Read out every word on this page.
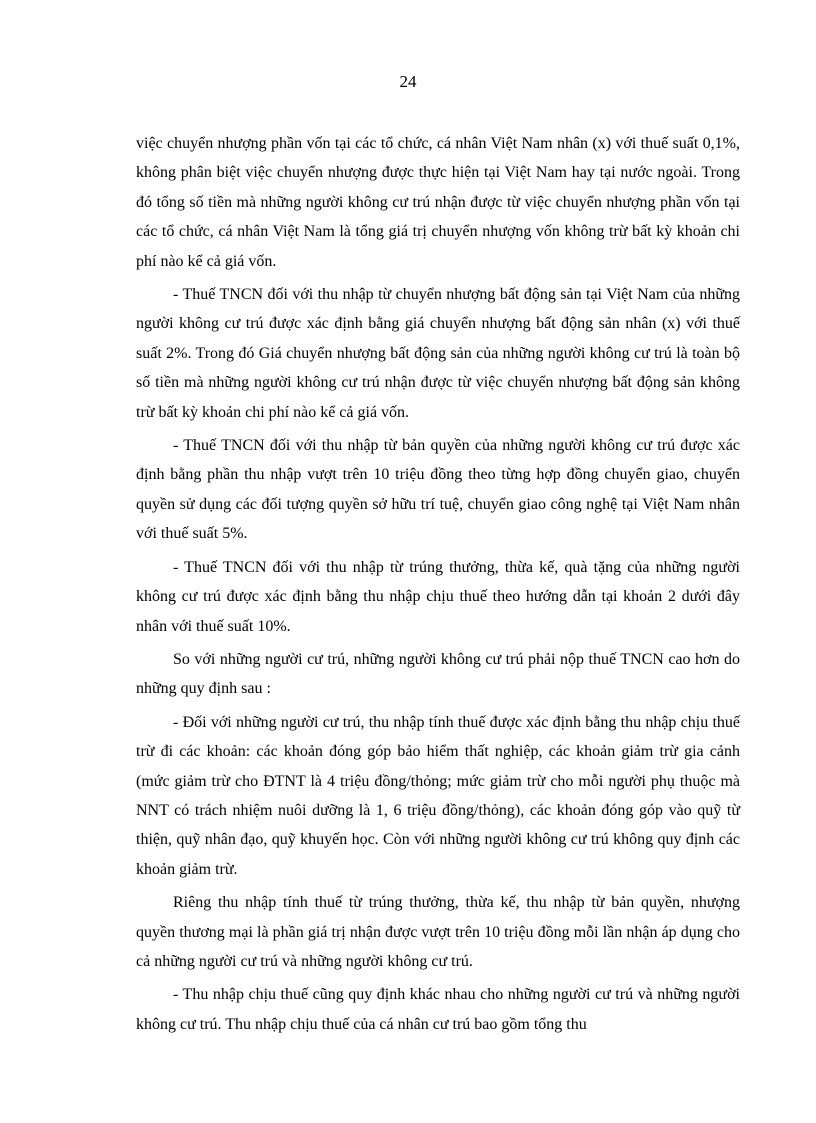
24

việc chuyển nhượng phần vốn tại các tổ chức, cá nhân Việt Nam nhân (x) với thuế suất 0,1%, không phân biệt việc chuyển nhượng được thực hiện tại Việt Nam hay tại nước ngoài. Trong đó tổng số tiền mà những người không cư trú nhận được từ việc chuyển nhượng phần vốn tại các tổ chức, cá nhân Việt Nam là tổng giá trị chuyển nhượng vốn không trừ bất kỳ khoản chi phí nào kể cả giá vốn.

- Thuế TNCN đối với thu nhập từ chuyển nhượng bất động sản tại Việt Nam của những người không cư trú được xác định bằng giá chuyển nhượng bất động sản nhân (x) với thuế suất 2%. Trong đó Giá chuyển nhượng bất động sản của những người không cư trú là toàn bộ số tiền mà những người không cư trú nhận được từ việc chuyển nhượng bất động sản không trừ bất kỳ khoản chi phí nào kể cả giá vốn.

- Thuế TNCN đối với thu nhập từ bản quyền của những người không cư trú được xác định bằng phần thu nhập vượt trên 10 triệu đồng theo từng hợp đồng chuyển giao, chuyển quyền sử dụng các đối tượng quyền sở hữu trí tuệ, chuyển giao công nghệ tại Việt Nam nhân với thuế suất 5%.

- Thuế TNCN đối với thu nhập từ trúng thưởng, thừa kế, quà tặng của những người không cư trú được xác định bằng thu nhập chịu thuế theo hướng dẫn tại khoản 2 dưới đây nhân với thuế suất 10%.

So với những người cư trú, những người không cư trú phải nộp thuế TNCN cao hơn do những quy định sau :

- Đối với những người cư trú, thu nhập tính thuế được xác định bằng thu nhập chịu thuế trừ đi các khoản: các khoản đóng góp bảo hiểm thất nghiệp, các khoản giảm trừ gia cảnh (mức giảm trừ cho ĐTNT là 4 triệu đồng/thỏng; mức giảm trừ cho mỗi người phụ thuộc mà NNT có trách nhiệm nuôi dưỡng là 1, 6 triệu đồng/thỏng), các khoản đóng góp vào quỹ từ thiện, quỹ nhân đạo, quỹ khuyến học. Còn với những người không cư trú không quy định các khoản giảm trừ.

Riêng thu nhập tính thuế từ trúng thưởng, thừa kế, thu nhập từ bản quyền, nhượng quyền thương mại là phần giá trị nhận được vượt trên 10 triệu đồng mỗi lần nhận áp dụng cho cả những người cư trú và những người không cư trú.

- Thu nhập chịu thuế cũng quy định khác nhau cho những người cư trú và những người không cư trú. Thu nhập chịu thuế của cá nhân cư trú bao gồm tổng thu
